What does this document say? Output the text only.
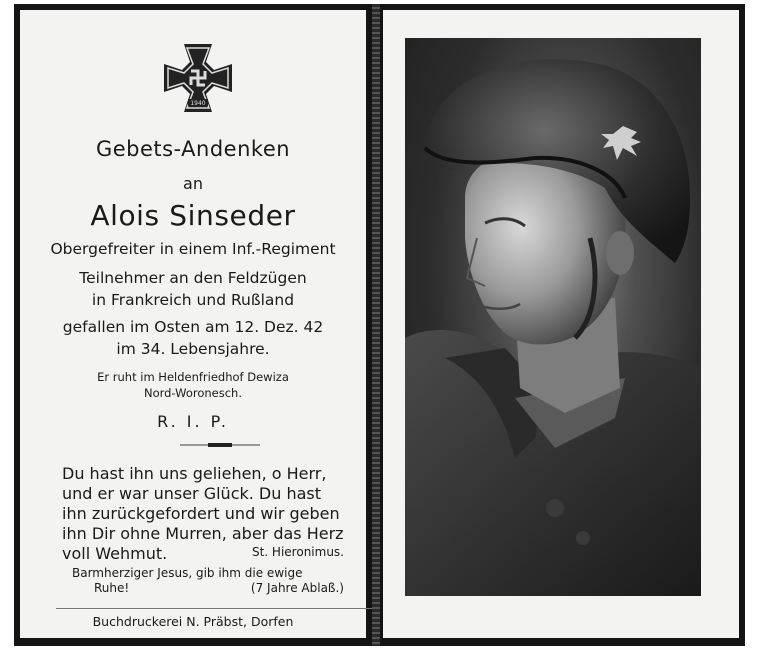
1940
Gebets-Andenken
an
Alois Sinseder
Obergefreiter in einem Inf.-Regiment
Teilnehmer an den Feldzügen
in Frankreich und Rußland
gefallen im Osten am 12. Dez. 42
im 34. Lebensjahre.
Er ruht im Heldenfriedhof Dewiza
Nord-Woronesch.
R. I. P.
Du hast ihn uns geliehen, o Herr,
und er war unser Glück. Du hast
ihn zurückgefordert und wir geben
ihn Dir ohne Murren, aber das Herz
voll Wehmut.	St. Hieronimus.
Barmherziger Jesus, gib ihm die ewige
Ruhe!	(7 Jahre Ablaß.)
Buchdruckerei N. Präbst, Dorfen
